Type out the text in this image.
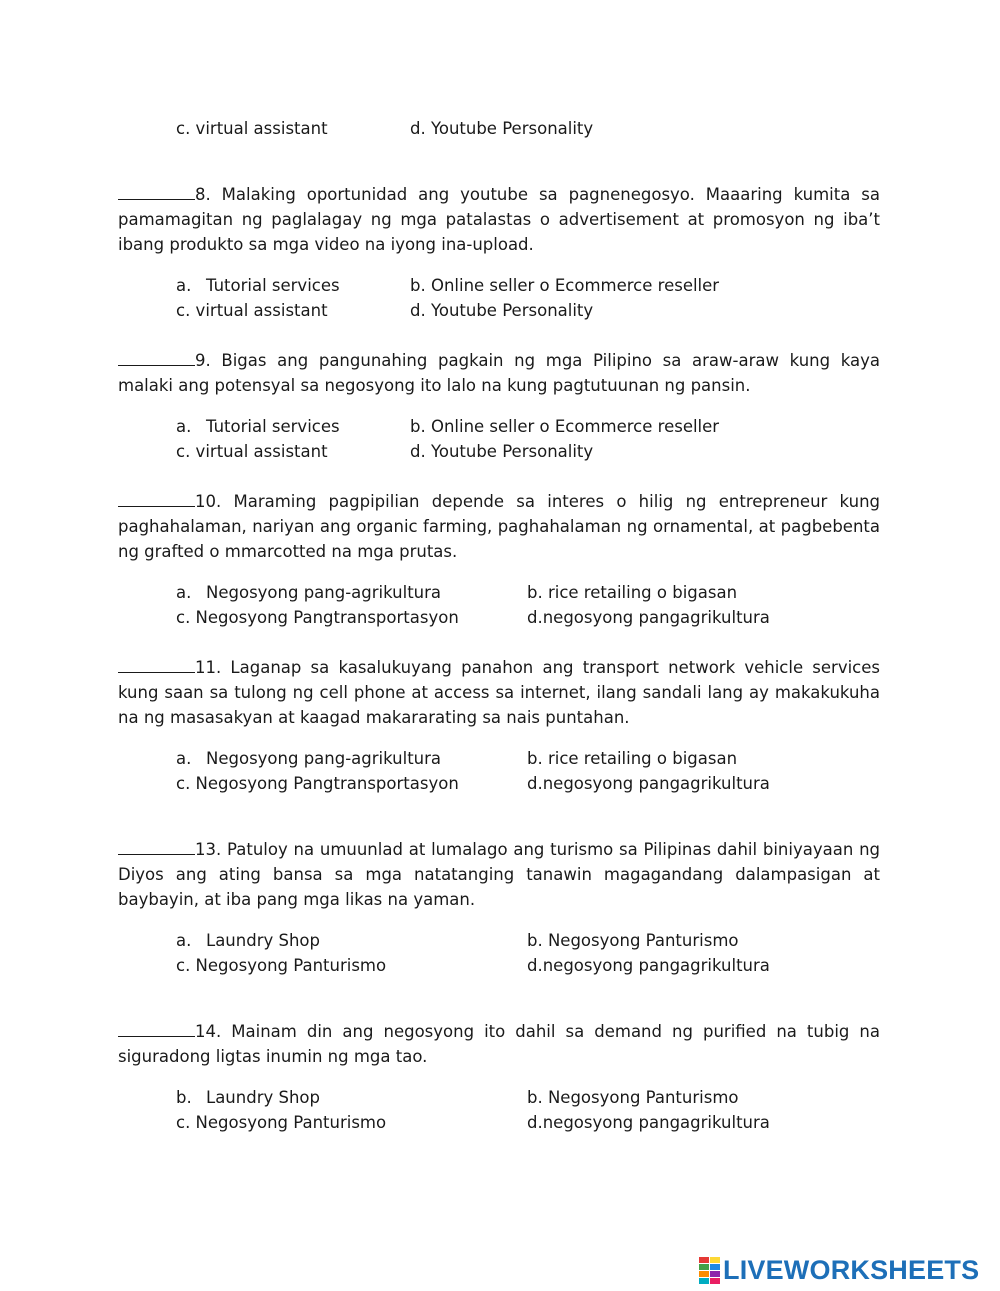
c. virtual assistant	d. Youtube Personality
8. Malaking oportunidad ang youtube sa pagnenegosyo. Maaaring kumita sa pamamagitan ng paglalagay ng mga patalastas o advertisement at promosyon ng iba’t ibang produkto sa mga video na iyong ina-upload.
a. Tutorial services	b. Online seller o Ecommerce reseller
c. virtual assistant	d. Youtube Personality
9. Bigas ang pangunahing pagkain ng mga Pilipino sa araw-araw kung kaya malaki ang potensyal sa negosyong ito lalo na kung pagtutuunan ng pansin.
a. Tutorial services	b. Online seller o Ecommerce reseller
c. virtual assistant	d. Youtube Personality
10. Maraming pagpipilian depende sa interes o hilig ng entrepreneur kung paghahalaman, nariyan ang organic farming, paghahalaman ng ornamental, at pagbebenta ng grafted o mmarcotted na mga prutas.
a. Negosyong pang-agrikultura	b. rice retailing o bigasan
c. Negosyong Pangtransportasyon	d.negosyong pangagrikultura
11. Laganap sa kasalukuyang panahon ang transport network vehicle services kung saan sa tulong ng cell phone at access sa internet, ilang sandali lang ay makakukuha na ng masasakyan at kaagad makararating sa nais puntahan.
a. Negosyong pang-agrikultura	b. rice retailing o bigasan
c. Negosyong Pangtransportasyon	d.negosyong pangagrikultura
13. Patuloy na umuunlad at lumalago ang turismo sa Pilipinas dahil biniyayaan ng Diyos ang ating bansa sa mga natatanging tanawin magagandang dalampasigan at baybayin, at iba pang mga likas na yaman.
a. Laundry Shop	b. Negosyong Panturismo
c. Negosyong Panturismo	d.negosyong pangagrikultura
14. Mainam din ang negosyong ito dahil sa demand ng purified na tubig na siguradong ligtas inumin ng mga tao.
b. Laundry Shop	b. Negosyong Panturismo
c. Negosyong Panturismo	d.negosyong pangagrikultura
LIVEWORKSHEETS
